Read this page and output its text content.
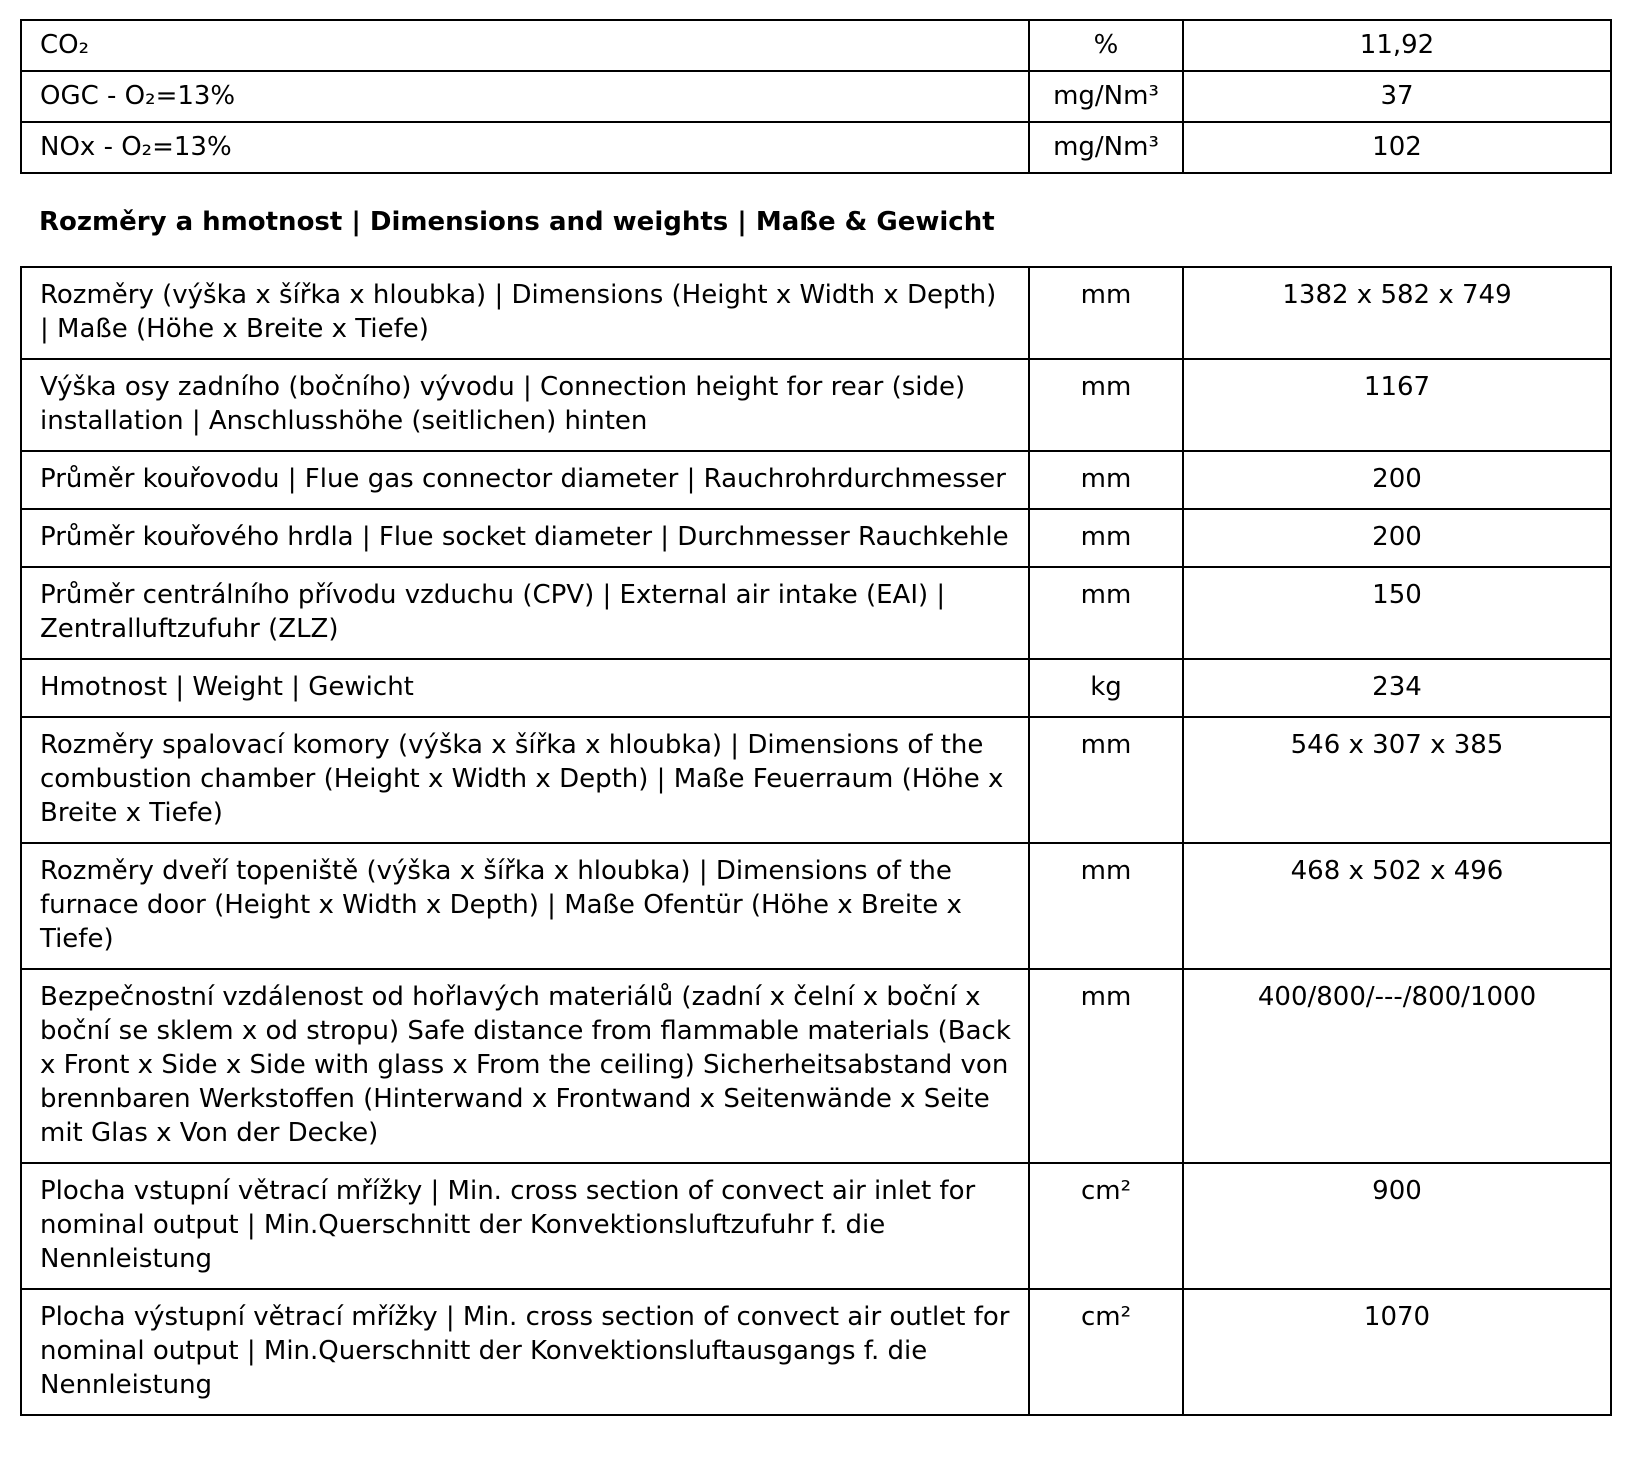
CO₂	%	11,92
OGC - O₂=13%	mg/Nm³	37
NOx - O₂=13%	mg/Nm³	102
Rozměry a hmotnost | Dimensions and weights | Maße & Gewicht
Rozměry (výška x šířka x hloubka) | Dimensions (Height x Width x Depth) | Maße (Höhe x Breite x Tiefe)	mm	1382 x 582 x 749
Výška osy zadního (bočního) vývodu | Connection height for rear (side) installation | Anschlusshöhe (seitlichen) hinten	mm	1167
Průměr kouřovodu | Flue gas connector diameter | Rauchrohrdurchmesser	mm	200
Průměr kouřového hrdla | Flue socket diameter | Durchmesser Rauchkehle	mm	200
Průměr centrálního přívodu vzduchu (CPV) | External air intake (EAI) | Zentralluftzufuhr (ZLZ)	mm	150
Hmotnost | Weight | Gewicht	kg	234
Rozměry spalovací komory (výška x šířka x hloubka) | Dimensions of the combustion chamber (Height x Width x Depth) | Maße Feuerraum (Höhe x Breite x Tiefe)	mm	546 x 307 x 385
Rozměry dveří topeniště (výška x šířka x hloubka) | Dimensions of the furnace door (Height x Width x Depth) | Maße Ofentür (Höhe x Breite x Tiefe)	mm	468 x 502 x 496
Bezpečnostní vzdálenost od hořlavých materiálů (zadní x čelní x boční x boční se sklem x od stropu) Safe distance from flammable materials (Back x Front x Side x Side with glass x From the ceiling) Sicherheitsabstand von brennbaren Werkstoffen (Hinterwand x Frontwand x Seitenwände x Seite mit Glas x Von der Decke)	mm	400/800/---/800/1000
Plocha vstupní větrací mřížky | Min. cross section of convect air inlet for nominal output | Min.Querschnitt der Konvektionsluftzufuhr f. die Nennleistung	cm²	900
Plocha výstupní větrací mřížky | Min. cross section of convect air outlet for nominal output | Min.Querschnitt der Konvektionsluftausgangs f. die Nennleistung	cm²	1070
